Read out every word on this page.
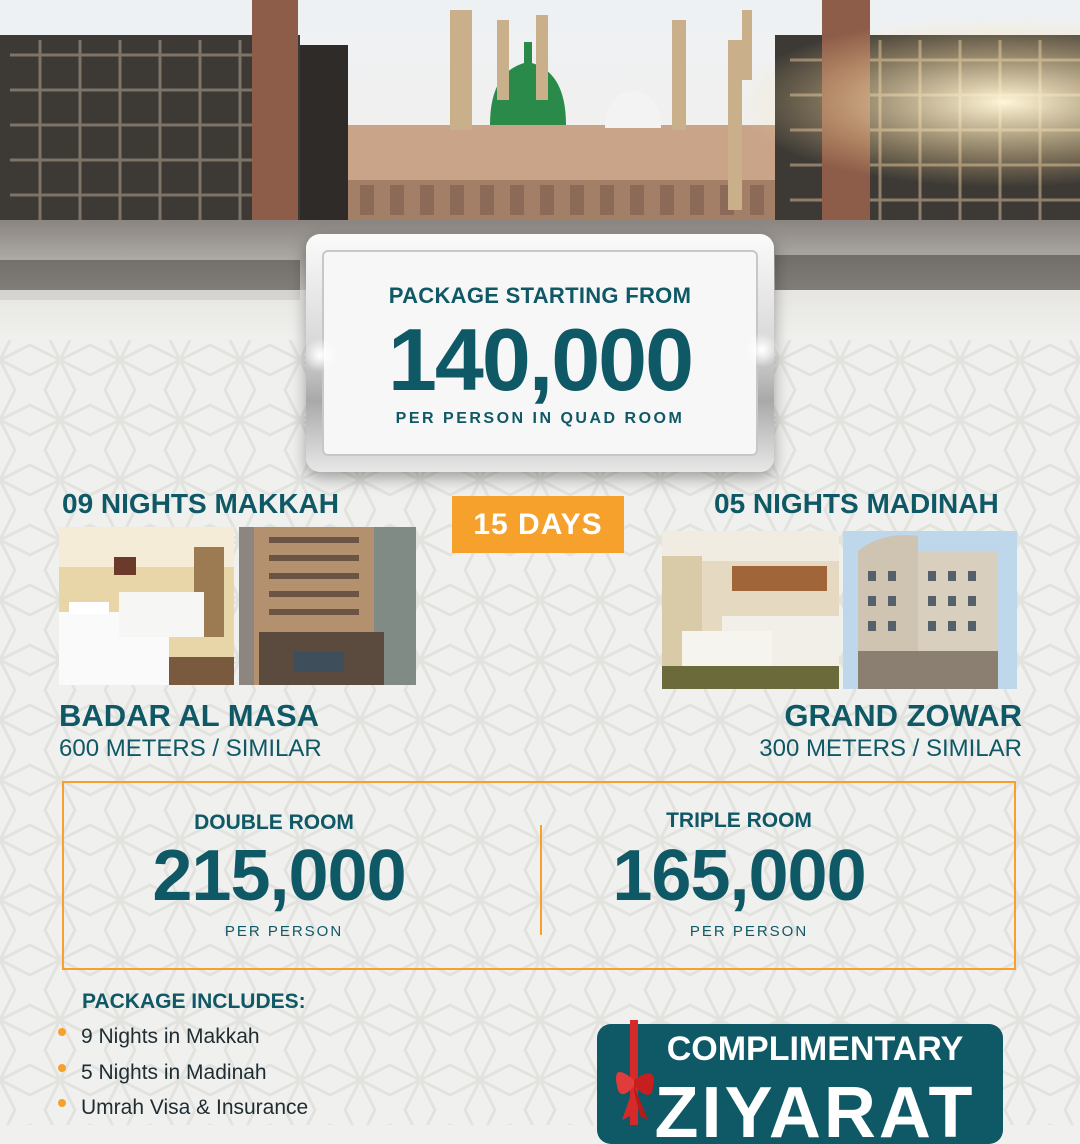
PACKAGE STARTING FROM
140,000
PER PERSON IN QUAD ROOM
09 NIGHTS MAKKAH
15 DAYS
05 NIGHTS MADINAH
BADAR AL MASA
600 METERS / SIMILAR
GRAND ZOWAR
300 METERS / SIMILAR
DOUBLE ROOM
215,000
PER PERSON
TRIPLE ROOM
165,000
PER PERSON
PACKAGE INCLUDES:
9 Nights in Makkah
5 Nights in Madinah
Umrah Visa & Insurance
COMPLIMENTARY
ZIYARAT
